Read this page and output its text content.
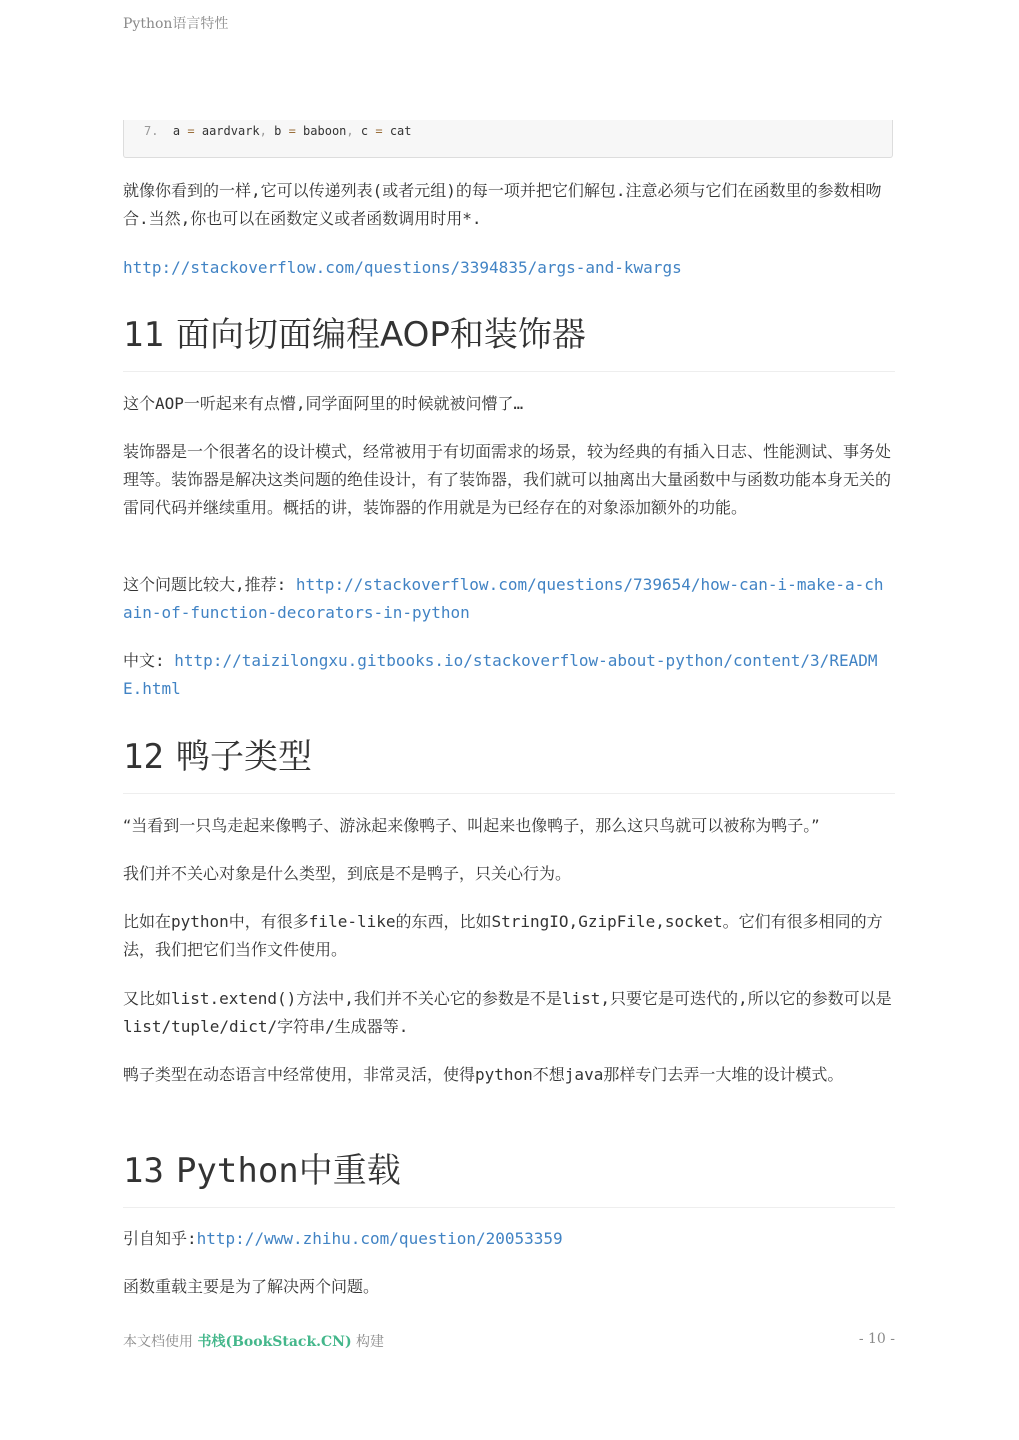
Python语言特性
7. a = aardvark, b = baboon, c = cat

就像你看到的一样,它可以传递列表(或者元组)的每一项并把它们解包.注意必须与它们在函数里的参数相吻合.当然,你也可以在函数定义或者函数调用时用*.

http://stackoverflow.com/questions/3394835/args-and-kwargs

11 面向切面编程AOP和装饰器

这个AOP一听起来有点懵,同学面阿里的时候就被问懵了…

装饰器是一个很著名的设计模式，经常被用于有切面需求的场景，较为经典的有插入日志、性能测试、事务处理等。装饰器是解决这类问题的绝佳设计，有了装饰器，我们就可以抽离出大量函数中与函数功能本身无关的雷同代码并继续重用。概括的讲，装饰器的作用就是为已经存在的对象添加额外的功能。

这个问题比较大,推荐: http://stackoverflow.com/questions/739654/how-can-i-make-a-chain-of-function-decorators-in-python

中文: http://taizilongxu.gitbooks.io/stackoverflow-about-python/content/3/README.html

12 鸭子类型

“当看到一只鸟走起来像鸭子、游泳起来像鸭子、叫起来也像鸭子，那么这只鸟就可以被称为鸭子。”

我们并不关心对象是什么类型，到底是不是鸭子，只关心行为。

比如在python中，有很多file-like的东西，比如StringIO,GzipFile,socket。它们有很多相同的方法，我们把它们当作文件使用。

又比如list.extend()方法中,我们并不关心它的参数是不是list,只要它是可迭代的,所以它的参数可以是list/tuple/dict/字符串/生成器等.

鸭子类型在动态语言中经常使用，非常灵活，使得python不想java那样专门去弄一大堆的设计模式。

13 Python中重载

引自知乎:http://www.zhihu.com/question/20053359

函数重载主要是为了解决两个问题。

本文档使用 书栈(BookStack.CN) 构建	- 10 -
